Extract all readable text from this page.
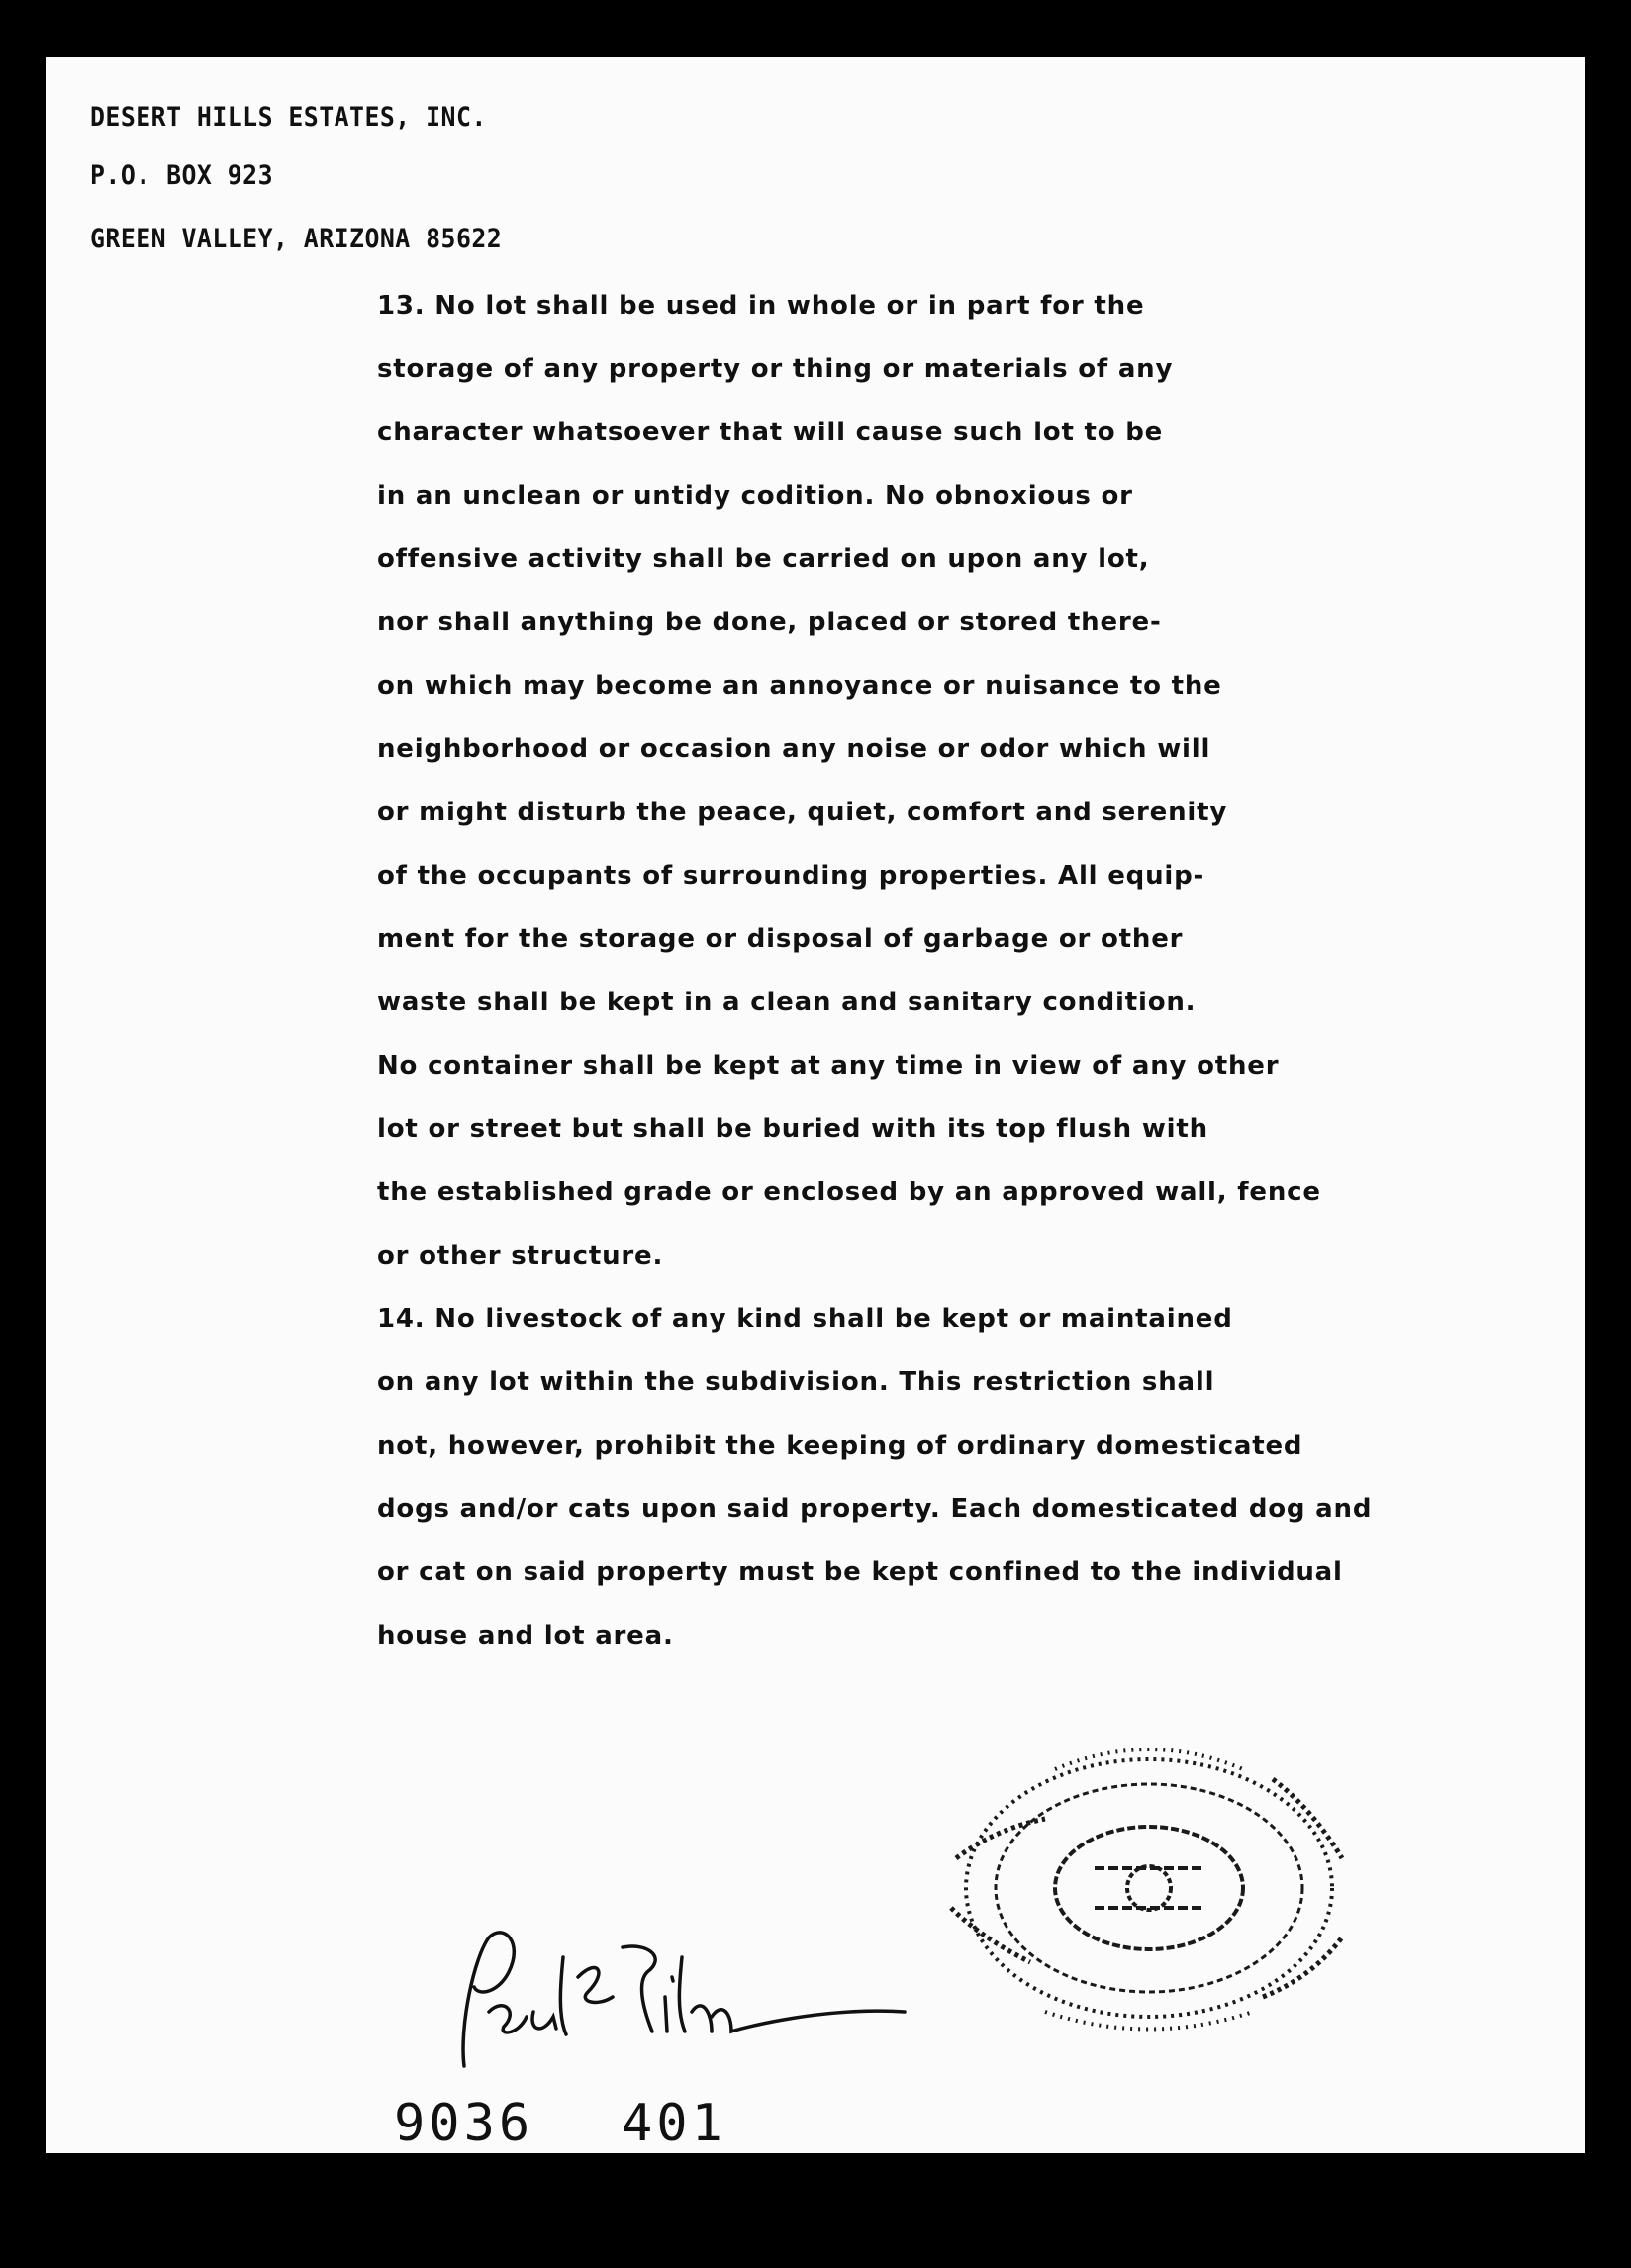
DESERT HILLS ESTATES, INC.
P.O. BOX 923
GREEN VALLEY, ARIZONA 85622
13. No lot shall be used in whole or in part for the
storage of any property or thing or materials of any
character whatsoever that will cause such lot to be
in an unclean or untidy codition. No obnoxious or
offensive activity shall be carried on upon any lot,
nor shall anything be done, placed or stored there-
on which may become an annoyance or nuisance to the
neighborhood or occasion any noise or odor which will
or might disturb the peace, quiet, comfort and serenity
of the occupants of surrounding properties. All equip-
ment for the storage or disposal of garbage or other
waste shall be kept in a clean and sanitary condition.
No container shall be kept at any time in view of any other
lot or street but shall be buried with its top flush with
the established grade or enclosed by an approved wall, fence
or other structure.
14. No livestock of any kind shall be kept or maintained
on any lot within the subdivision. This restriction shall
not, however, prohibit the keeping of ordinary domesticated
dogs and/or cats upon said property. Each domesticated dog and
or cat on said property must be kept confined to the individual
house and lot area.
9036 401
